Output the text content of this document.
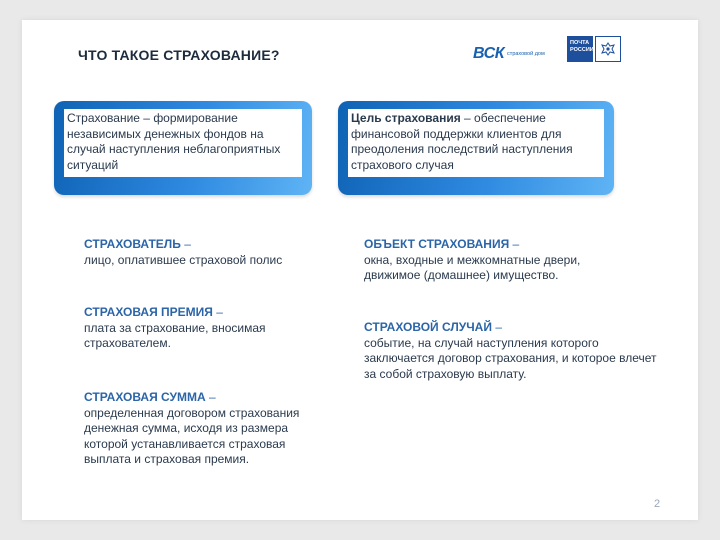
ЧТО ТАКОЕ СТРАХОВАНИЕ?	ВСК страховой дом
ПОЧТА
РОССИИ
Страхование – формирование независимых денежных фондов на случай наступления неблагоприятных ситуаций
Цель страхования – обеспечение финансовой поддержки клиентов для преодоления последствий наступления страхового случая
СТРАХОВАТЕЛЬ –
лицо, оплатившее страховой полис
ОБЪЕКТ СТРАХОВАНИЯ –
окна, входные и межкомнатные двери, движимое (домашнее) имущество.
СТРАХОВАЯ ПРЕМИЯ –
плата за страхование, вносимая страхователем.
СТРАХОВОЙ СЛУЧАЙ –
событие, на случай наступления которого заключается договор страхования, и которое влечет за собой страховую выплату.
СТРАХОВАЯ СУММА –
определенная договором страхования денежная сумма, исходя из размера которой устанавливается страховая выплата и страховая премия.
2
